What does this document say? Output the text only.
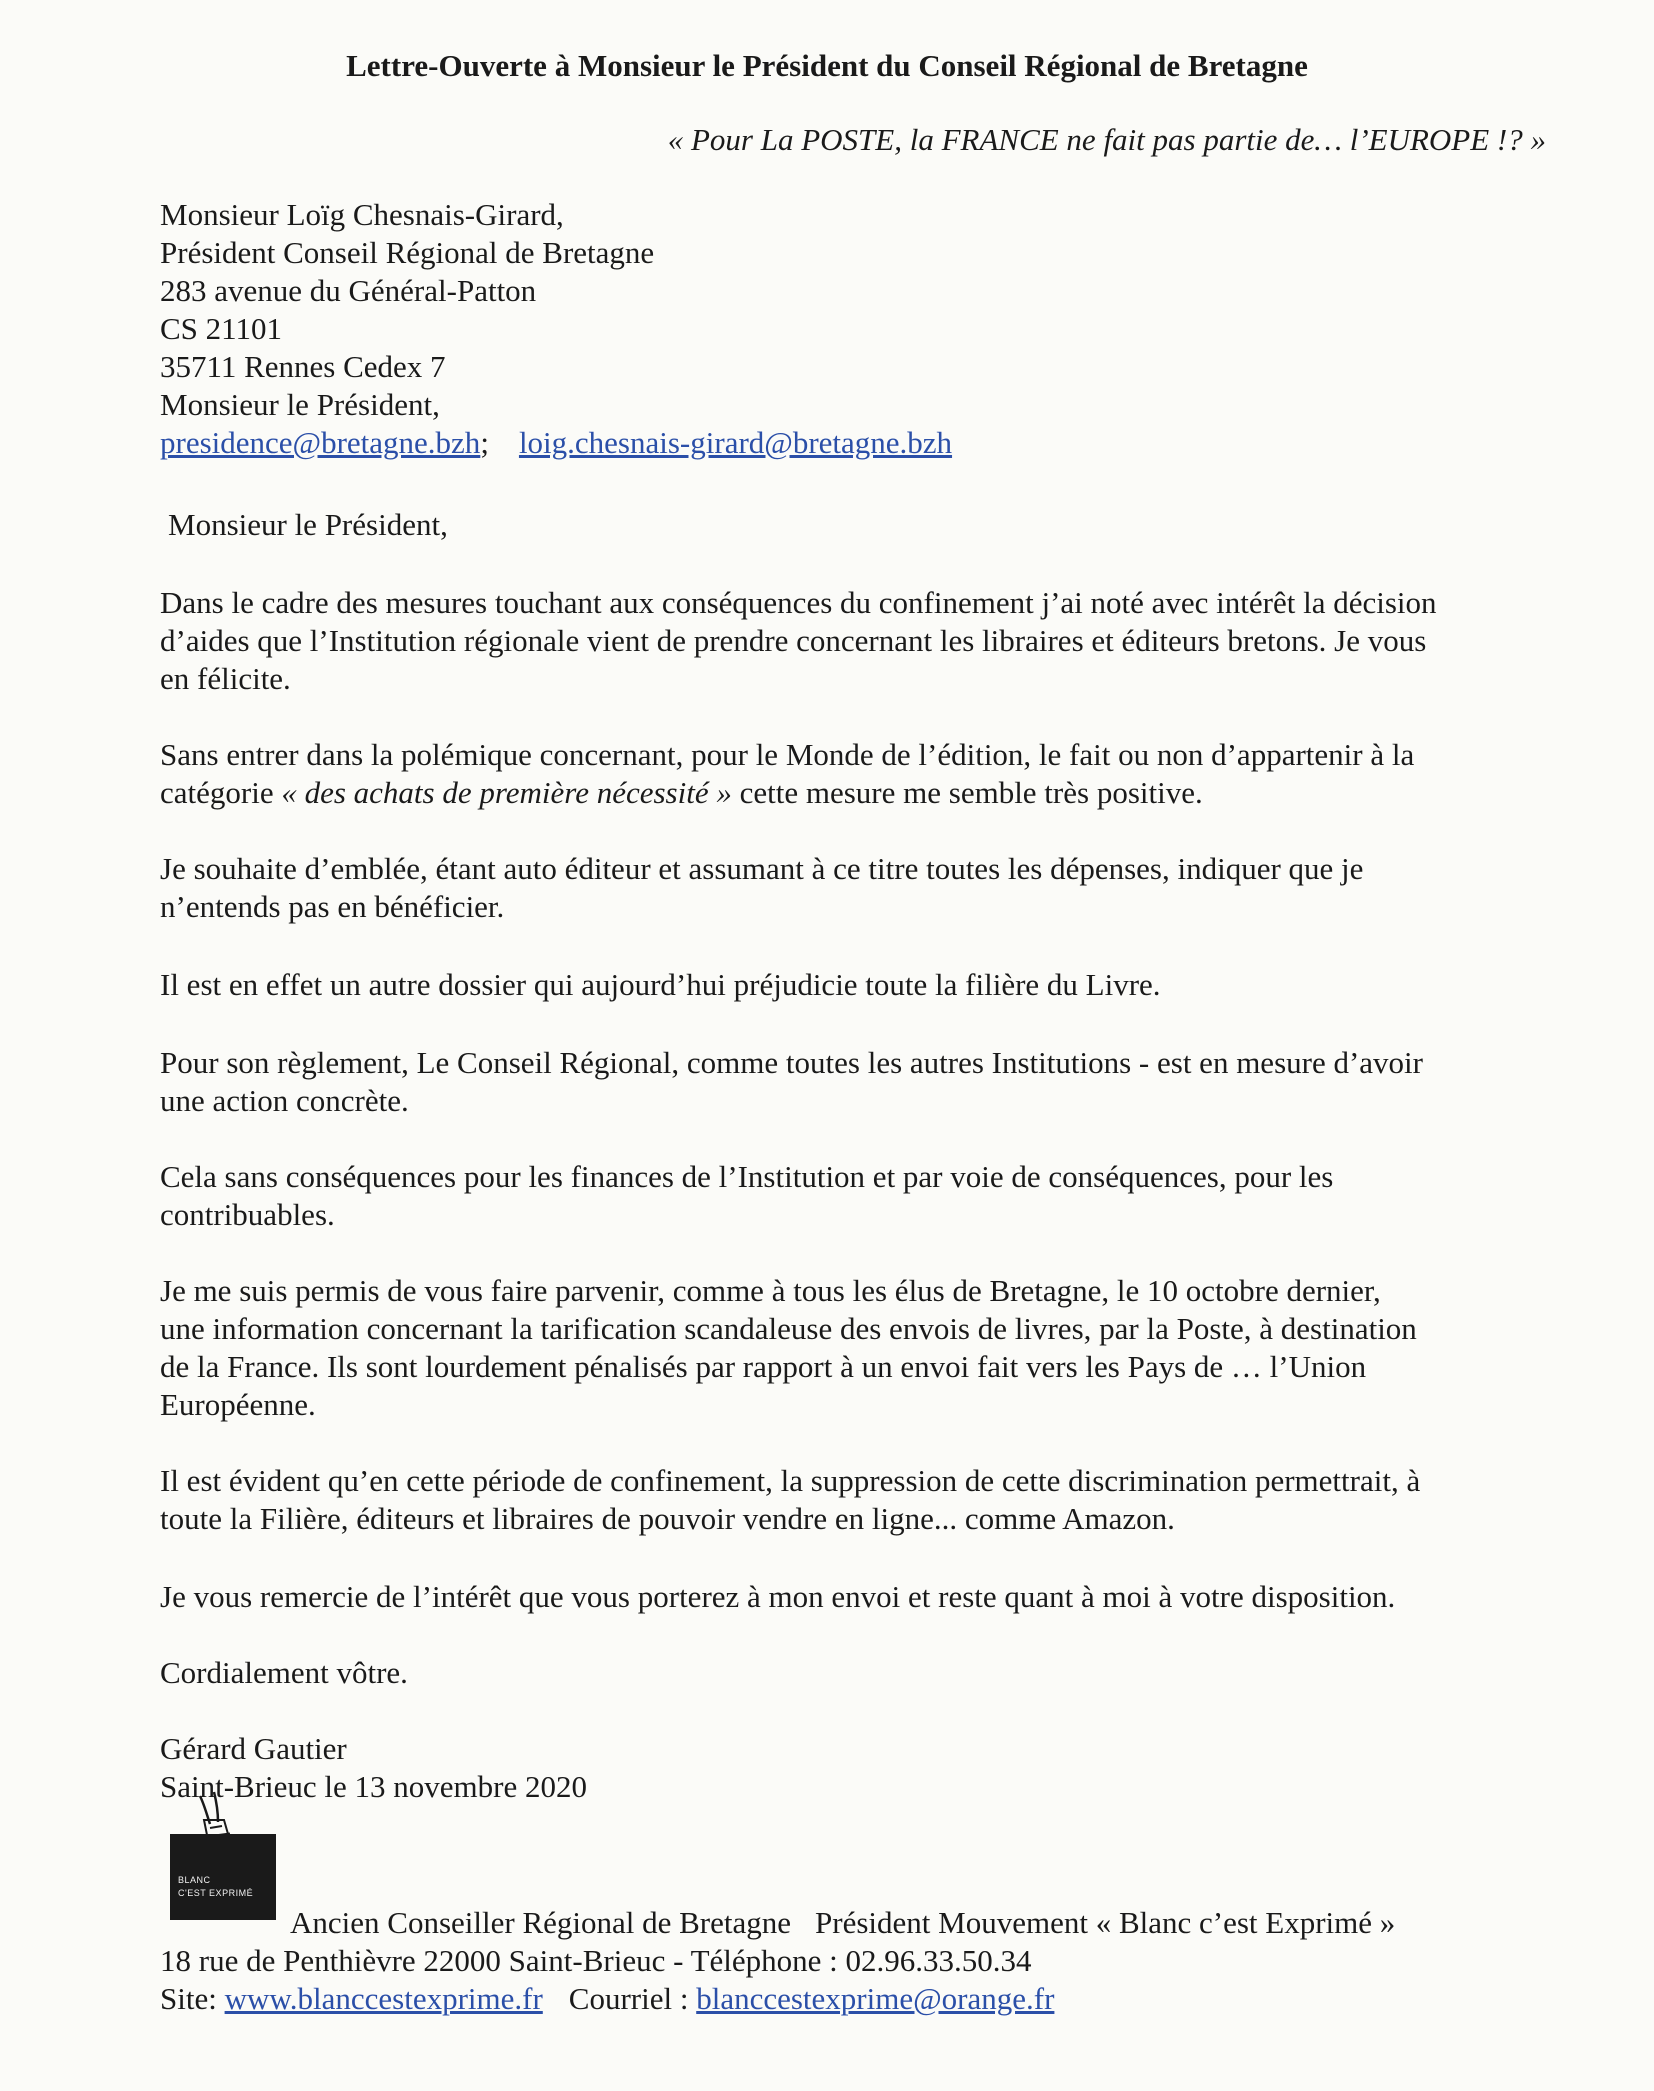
Lettre-Ouverte à Monsieur le Président du Conseil Régional de Bretagne

« Pour La POSTE, la FRANCE ne fait pas partie de… l’EUROPE !? »

Monsieur Loïg Chesnais-Girard,
Président Conseil Régional de Bretagne
283 avenue du Général-Patton
CS 21101
35711 Rennes Cedex 7
Monsieur le Président,
presidence@bretagne.bzh; loig.chesnais-girard@bretagne.bzh
Monsieur le Président,
Dans le cadre des mesures touchant aux conséquences du confinement j’ai noté avec intérêt la décision
d’aides que l’Institution régionale vient de prendre concernant les libraires et éditeurs bretons. Je vous
en félicite.
Sans entrer dans la polémique concernant, pour le Monde de l’édition, le fait ou non d’appartenir à la
catégorie « des achats de première nécessité » cette mesure me semble très positive.
Je souhaite d’emblée, étant auto éditeur et assumant à ce titre toutes les dépenses, indiquer que je
n’entends pas en bénéficier.
Il est en effet un autre dossier qui aujourd’hui préjudicie toute la filière du Livre.
Pour son règlement, Le Conseil Régional, comme toutes les autres Institutions - est en mesure d’avoir
une action concrète.
Cela sans conséquences pour les finances de l’Institution et par voie de conséquences, pour les
contribuables.
Je me suis permis de vous faire parvenir, comme à tous les élus de Bretagne, le 10 octobre dernier,
une information concernant la tarification scandaleuse des envois de livres, par la Poste, à destination
de la France. Ils sont lourdement pénalisés par rapport à un envoi fait vers les Pays de … l’Union
Européenne.
Il est évident qu’en cette période de confinement, la suppression de cette discrimination permettrait, à
toute la Filière, éditeurs et libraires de pouvoir vendre en ligne... comme Amazon.
Je vous remercie de l’intérêt que vous porterez à mon envoi et reste quant à moi à votre disposition.
Cordialement vôtre.
Gérard Gautier
Saint-Brieuc le 13 novembre 2020
BLANC
C'EST EXPRIMÉ
Ancien Conseiller Régional de Bretagne Président Mouvement « Blanc c’est Exprimé »
18 rue de Penthièvre 22000 Saint-Brieuc - Téléphone : 02.96.33.50.34
Site: www.blanccestexprime.fr Courriel : blanccestexprime@orange.fr
